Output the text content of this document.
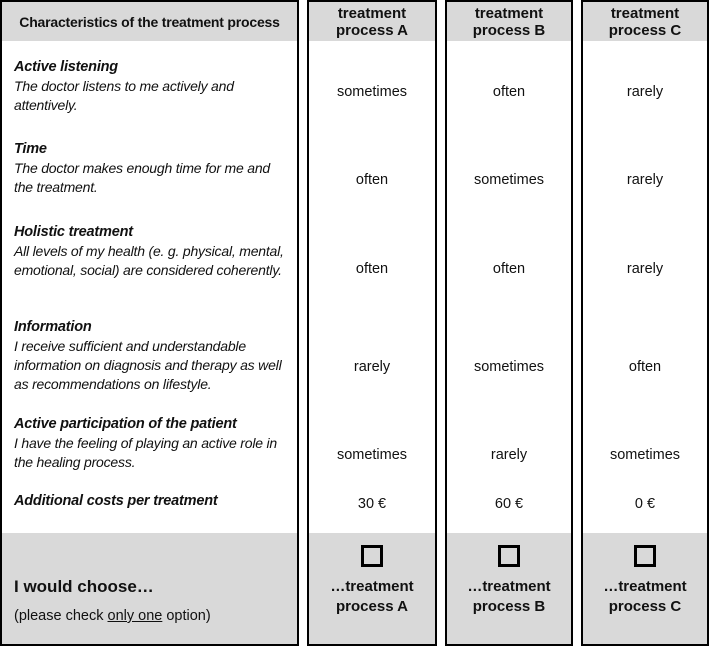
Characteristics of the treatment process
Active listening
The doctor listens to me actively and attentively.
Time
The doctor makes enough time for me and the treatment.
Holistic treatment
All levels of my health (e. g. physical, mental, emotional, social) are considered coherently.
Information
I receive sufficient and understandable information on diagnosis and therapy as well as recommendations on lifestyle.
Active participation of the patient
I have the feeling of playing an active role in the healing process.
Additional costs per treatment
I would choose…
(please check only one option)
treatment process A
sometimes
often
often
rarely
sometimes
30 €
…treatment process A
treatment process B
often
sometimes
often
sometimes
rarely
60 €
…treatment process B
treatment process C
rarely
rarely
rarely
often
sometimes
0 €
…treatment process C
